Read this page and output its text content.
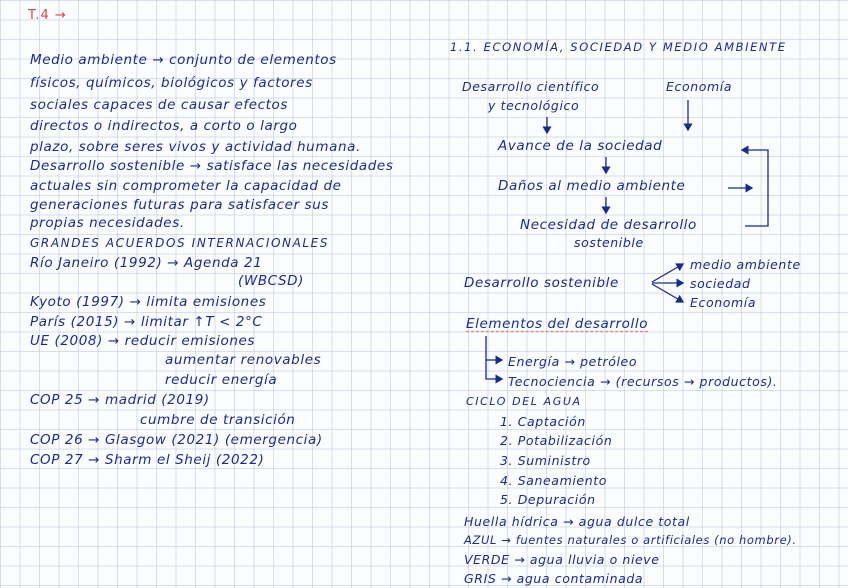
T.4 →
Medio ambiente → conjunto de elementos
físicos, químicos, biológicos y factores
sociales capaces de causar efectos
directos o indirectos, a corto o largo
plazo, sobre seres vivos y actividad humana.
Desarrollo sostenible → satisface las necesidades
actuales sin comprometer la capacidad de
generaciones futuras para satisfacer sus
propias necesidades.
GRANDES ACUERDOS INTERNACIONALES
Río Janeiro (1992) → Agenda 21
(WBCSD)
Kyoto (1997) → limita emisiones
París (2015) → limitar ↑T < 2°C
UE (2008) → reducir emisiones
aumentar renovables
reducir energía
COP 25 → madrid (2019)
cumbre de transición
COP 26 → Glasgow (2021) (emergencia)
COP 27 → Sharm el Sheij (2022)
1.1. ECONOMÍA, SOCIEDAD Y MEDIO AMBIENTE
Desarrollo científico
y tecnológico
Economía
Avance de la sociedad
Daños al medio ambiente
Necesidad de desarrollo
sostenible
Desarrollo sostenible
medio ambiente
sociedad
Economía
Elementos del desarrollo
Energía → petróleo
Tecnociencia → (recursos → productos).
CICLO DEL AGUA
1. Captación
2. Potabilización
3. Suministro
4. Saneamiento
5. Depuración
Huella hídrica → agua dulce total
AZUL → fuentes naturales o artificiales (no hombre).
VERDE → agua lluvia o nieve
GRIS → agua contaminada
